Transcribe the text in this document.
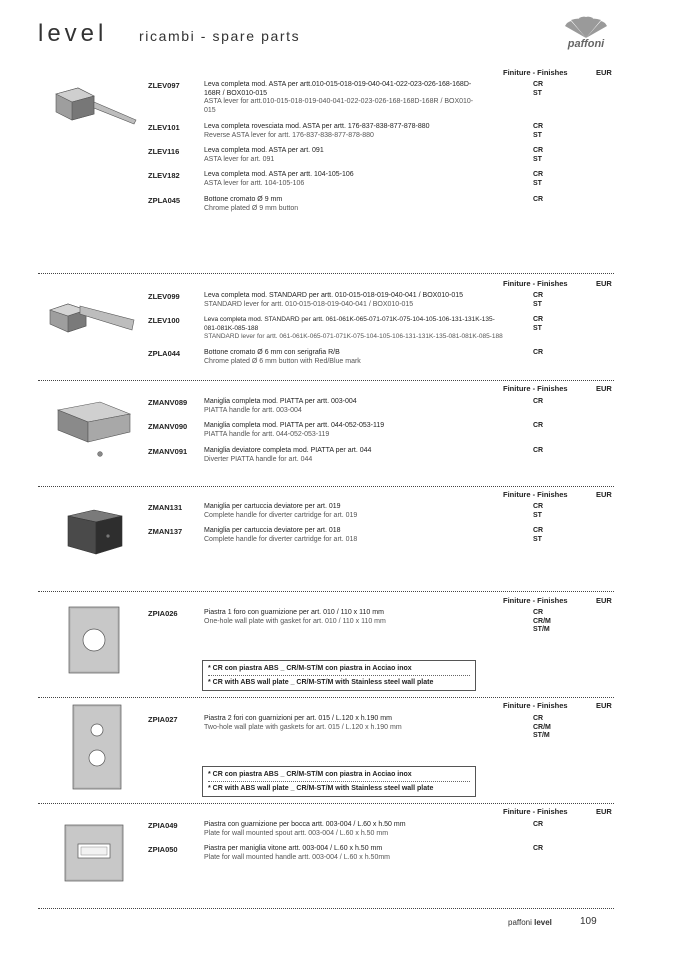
level ricambi - spare parts	paffoni
Finiture - Finishes	EUR
ZLEV097	Leva completa mod. ASTA per artt.010-015-018-019-040-041-022-023-026-168-168D-
168R / BOX010-015
ASTA lever for artt.010-015-018-019-040-041-022-023-026-168-168D-168R / BOX010-
015
CR
ST
ZLEV101	Leva completa rovesciata mod. ASTA per artt. 176-837-838-877-878-880
Reverse ASTA lever for artt. 176-837-838-877-878-880
CR
ST
ZLEV116	Leva completa mod. ASTA per art. 091
ASTA lever for art. 091
CR
ST
ZLEV182	Leva completa mod. ASTA per artt. 104-105-106
ASTA lever for artt. 104-105-106
CR
ST
ZPLA045	Bottone cromato Ø 9 mm
Chrome plated Ø 9 mm button
CR
Finiture - Finishes	EUR
ZLEV099	Leva completa mod. STANDARD per artt. 010-015-018-019-040-041 / BOX010-015
STANDARD lever for artt. 010-015-018-019-040-041 / BOX010-015
CR
ST
ZLEV100	Leva completa mod. STANDARD per artt. 061-061K-065-071-071K-075-104-105-106-131-131K-135-
081-081K-085-188
STANDARD lever for artt. 061-061K-065-071-071K-075-104-105-106-131-131K-135-081-081K-085-188
CR
ST
ZPLA044	Bottone cromato Ø 6 mm con serigrafia R/B
Chrome plated Ø 6 mm button with Red/Blue mark
CR
Finiture - Finishes	EUR
ZMANV089 Maniglia completa mod. PIATTA per artt. 003-004
PIATTA handle for artt. 003-004
CR
ZMANV090 Maniglia completa mod. PIATTA per artt. 044-052-053-119
PIATTA handle for artt. 044-052-053-119
CR
ZMANV091 Maniglia deviatore completa mod. PIATTA per art. 044
Diverter PIATTA handle for art. 044
CR
Finiture - Finishes	EUR
ZMAN131	Maniglia per cartuccia deviatore per art. 019
Complete handle for diverter cartridge for art. 019
CR
ST
ZMAN137	Maniglia per cartuccia deviatore per art. 018
Complete handle for diverter cartridge for art. 018
CR
ST
Finiture - Finishes	EUR
ZPIA026	Piastra 1 foro con guarnizione per art. 010 / 110 x 110 mm
One-hole wall plate with gasket for art. 010 / 110 x 110 mm
CR
CR/M
ST/M
* CR con piastra ABS _ CR/M-ST/M con piastra in Acciao inox
* CR with ABS wall plate _ CR/M-ST/M with Stainless steel wall plate
Finiture - Finishes	EUR
ZPIA027	Piastra 2 fori con guarnizioni per art. 015 / L.120 x h.190 mm
Two-hole wall plate with gaskets for art. 015 / L.120 x h.190 mm
CR
CR/M
ST/M
* CR con piastra ABS _ CR/M-ST/M con piastra in Acciao inox
* CR with ABS wall plate _ CR/M-ST/M with Stainless steel wall plate
Finiture - Finishes	EUR
ZPIA049	Piastra con guarnizione per bocca artt. 003-004 / L.60 x h.50 mm
Plate for wall mounted spout artt. 003-004 / L.60 x h.50 mm
CR
ZPIA050	Piastra per maniglia vitone artt. 003-004 / L.60 x h.50 mm
Plate for wall mounted handle artt. 003-004 / L.60 x h.50mm
CR
paffoni level	109
